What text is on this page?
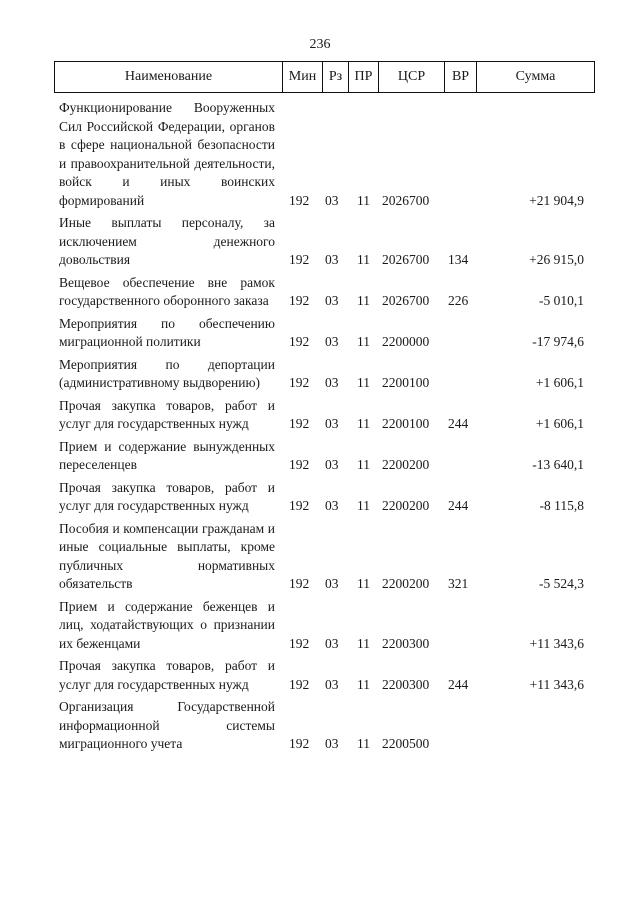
236
Наименование	Мин Рз ПР	ЦСР	ВР	Сумма
Функционирование Вооруженных Сил Российской Федерации, органов в сфере национальной безопасности и правоохранительной деятельности, войск и иных воинских формирований	192 03 11 2026700	+21 904,9
Иные выплаты персоналу, за исключением денежного довольствия	192 03 11 2026700 134	+26 915,0
Вещевое обеспечение вне рамок государственного оборонного заказа	192 03 11 2026700 226	-5 010,1
Мероприятия по обеспечению миграционной политики	192 03 11 2200000	-17 974,6
Мероприятия по депортации (административному выдворению)	192 03 11 2200100	+1 606,1
Прочая закупка товаров, работ и услуг для государственных нужд	192 03 11 2200100 244	+1 606,1
Прием и содержание вынужденных переселенцев	192 03 11 2200200	-13 640,1
Прочая закупка товаров, работ и услуг для государственных нужд	192 03 11 2200200 244	-8 115,8
Пособия и компенсации гражданам и иные социальные выплаты, кроме публичных нормативных обязательств	192 03 11 2200200 321	-5 524,3
Прием и содержание беженцев и лиц, ходатайствующих о признании их беженцами	192 03 11 2200300	+11 343,6
Прочая закупка товаров, работ и услуг для государственных нужд	192 03 11 2200300 244	+11 343,6
Организация Государственной информационной системы миграционного учета	192 03 11 2200500
